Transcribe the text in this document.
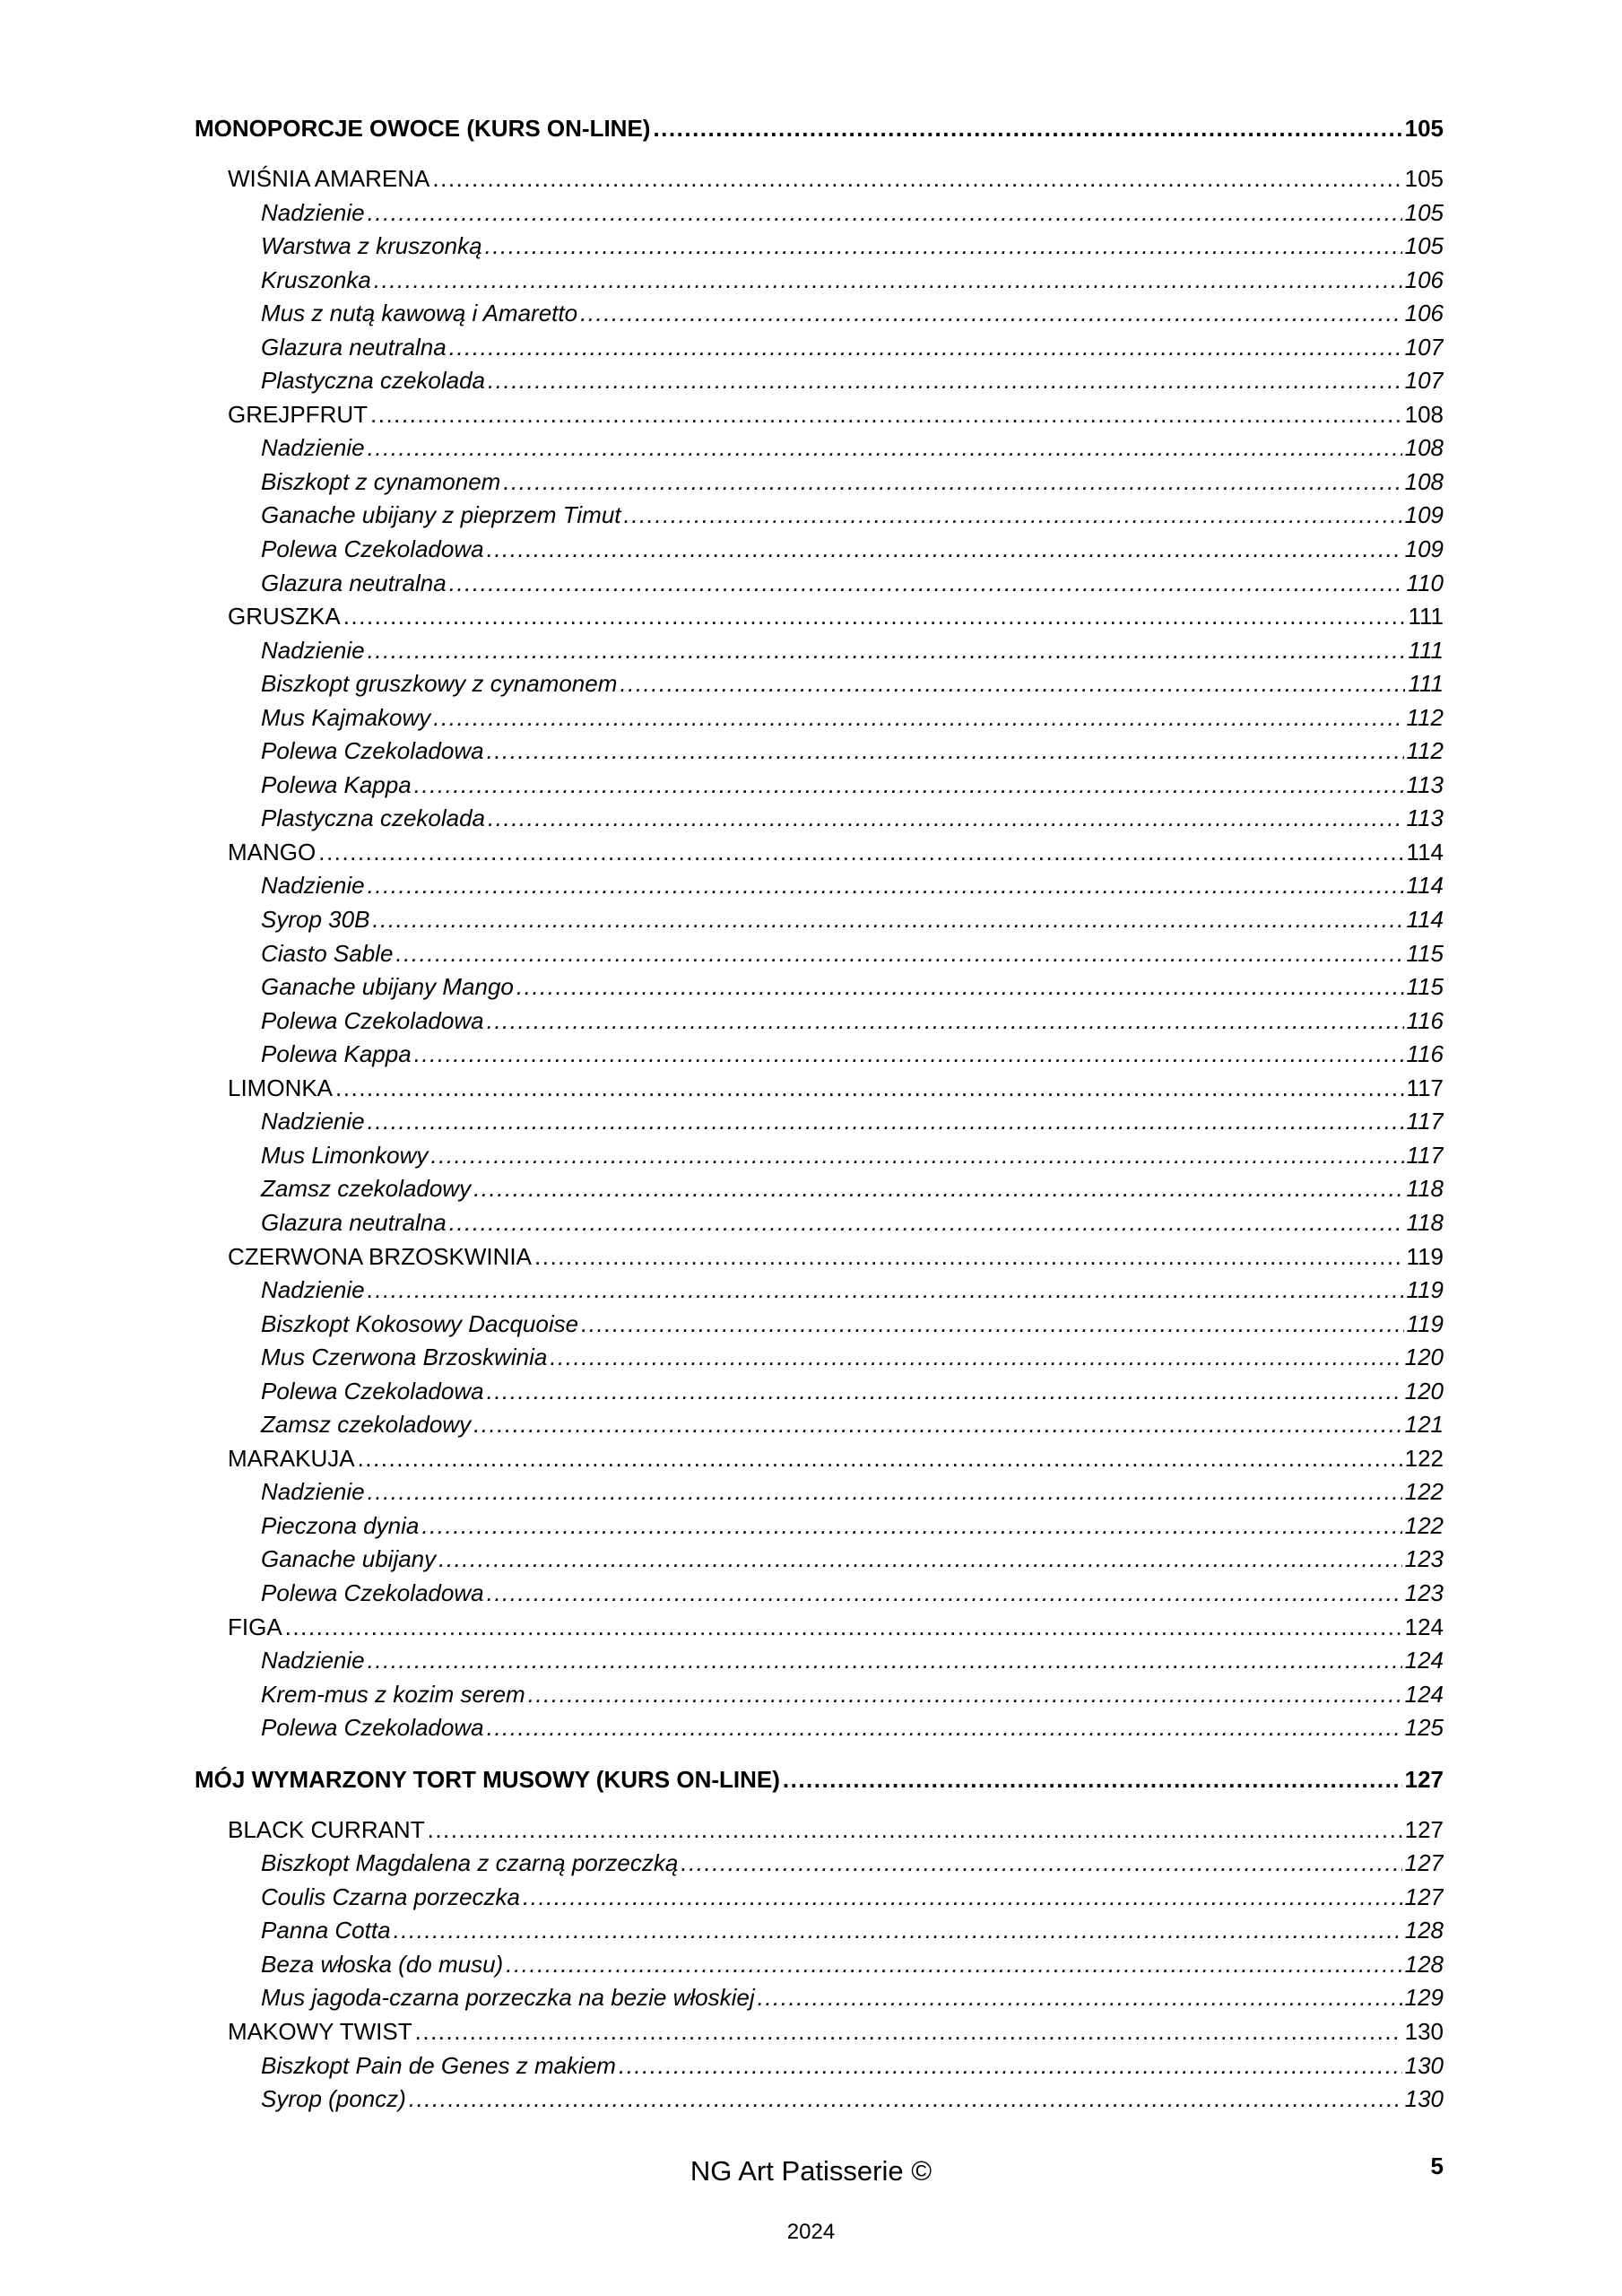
MONOPORCJE OWOCE (KURS ON-LINE) .....	105
WIŚNIA AMARENA .....	105
Nadzienie .....	105
Warstwa z kruszonką .....	105
Kruszonka .....	106
Mus z nutą kawową i Amaretto .....	106
Glazura neutralna .....	107
Plastyczna czekolada .....	107
GREJPFRUT .....	108
Nadzienie .....	108
Biszkopt z cynamonem .....	108
Ganache ubijany z pieprzem Timut .....	109
Polewa Czekoladowa .....	109
Glazura neutralna .....	110
GRUSZKA .....	111
Nadzienie .....	111
Biszkopt gruszkowy z cynamonem .....	111
Mus Kajmakowy .....	112
Polewa Czekoladowa .....	112
Polewa Kappa .....	113
Plastyczna czekolada .....	113
MANGO .....	114
Nadzienie .....	114
Syrop 30B .....	114
Ciasto Sable .....	115
Ganache ubijany Mango .....	115
Polewa Czekoladowa .....	116
Polewa Kappa .....	116
LIMONKA .....	117
Nadzienie .....	117
Mus Limonkowy .....	117
Zamsz czekoladowy .....	118
Glazura neutralna .....	118
CZERWONA BRZOSKWINIA .....	119
Nadzienie .....	119
Biszkopt Kokosowy Dacquoise .....	119
Mus Czerwona Brzoskwinia .....	120
Polewa Czekoladowa .....	120
Zamsz czekoladowy .....	121
MARAKUJA .....	122
Nadzienie .....	122
Pieczona dynia .....	122
Ganache ubijany .....	123
Polewa Czekoladowa .....	123
FIGA .....	124
Nadzienie .....	124
Krem-mus z kozim serem .....	124
Polewa Czekoladowa .....	125
MÓJ WYMARZONY TORT MUSOWY (KURS ON-LINE) .....	127
BLACK CURRANT .....	127
Biszkopt Magdalena z czarną porzeczką .....	127
Coulis Czarna porzeczka .....	127
Panna Cotta .....	128
Beza włoska (do musu) .....	128
Mus jagoda-czarna porzeczka na bezie włoskiej .....	129
MAKOWY TWIST .....	130
Biszkopt Pain de Genes z makiem .....	130
Syrop (poncz) .....	130
NG Art Patisserie ©	5
2024
